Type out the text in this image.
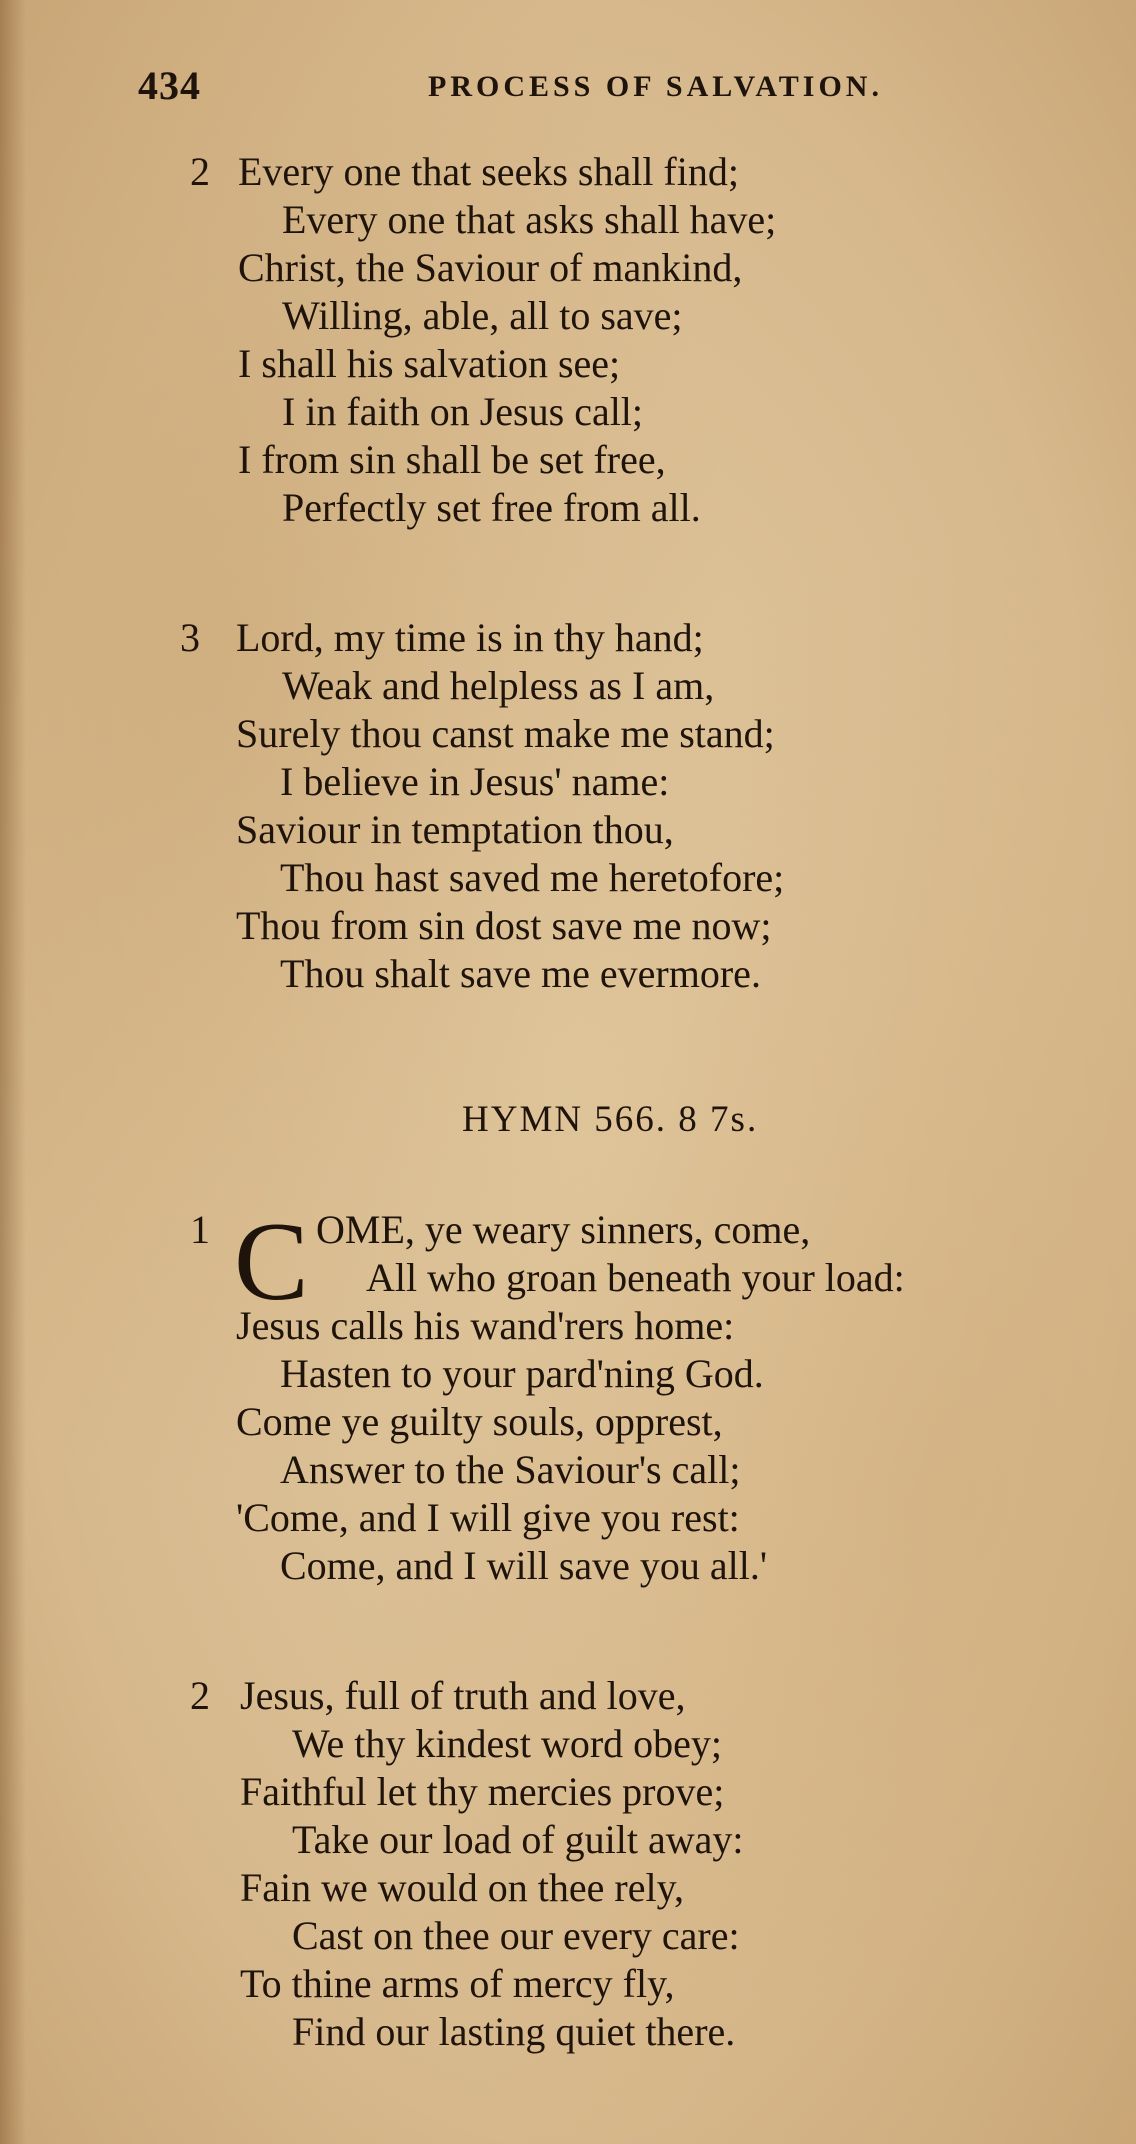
434	PROCESS OF SALVATION.
2 Every one that seeks shall find;
Every one that asks shall have;
Christ, the Saviour of mankind,
Willing, able, all to save;
I shall his salvation see;
I in faith on Jesus call;
I from sin shall be set free,
Perfectly set free from all.
3 Lord, my time is in thy hand;
Weak and helpless as I am,
Surely thou canst make me stand;
I believe in Jesus' name:
Saviour in temptation thou,
Thou hast saved me heretofore;
Thou from sin dost save me now;
Thou shalt save me evermore.
HYMN 566. 8 7s.
1 C OME, ye weary sinners, come,
All who groan beneath your load:
Jesus calls his wand'rers home:
Hasten to your pard'ning God.
Come ye guilty souls, opprest,
Answer to the Saviour's call;
'Come, and I will give you rest:
Come, and I will save you all.'
2 Jesus, full of truth and love,
We thy kindest word obey;
Faithful let thy mercies prove;
Take our load of guilt away:
Fain we would on thee rely,
Cast on thee our every care:
To thine arms of mercy fly,
Find our lasting quiet there.
